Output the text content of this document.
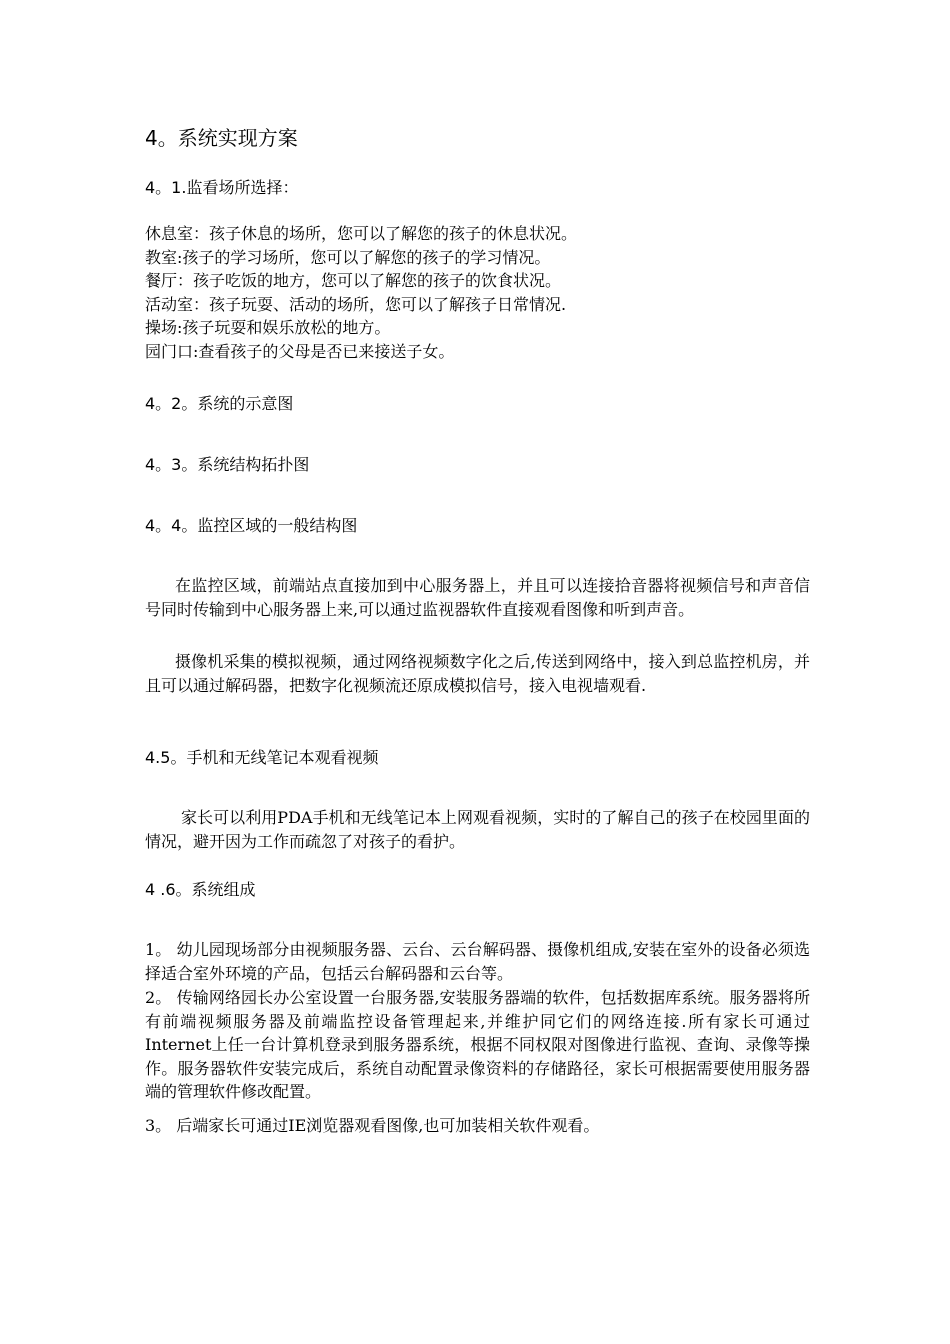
4。系统实现方案
4。1.监看场所选择：
休息室：孩子休息的场所，您可以了解您的孩子的休息状况。
教室:孩子的学习场所，您可以了解您的孩子的学习情况。
餐厅：孩子吃饭的地方，您可以了解您的孩子的饮食状况。
活动室：孩子玩耍、活动的场所，您可以了解孩子日常情况.
操场:孩子玩耍和娱乐放松的地方。
园门口:查看孩子的父母是否已来接送子女。
4。2。系统的示意图
4。3。系统结构拓扑图
4。4。监控区域的一般结构图
在监控区域，前端站点直接加到中心服务器上，并且可以连接拾音器将视频信号和声音信号同时传输到中心服务器上来,可以通过监视器软件直接观看图像和听到声音。
摄像机采集的模拟视频，通过网络视频数字化之后,传送到网络中，接入到总监控机房，并且可以通过解码器，把数字化视频流还原成模拟信号，接入电视墙观看.
4.5。手机和无线笔记本观看视频
家长可以利用PDA手机和无线笔记本上网观看视频，实时的了解自己的孩子在校园里面的情况，避开因为工作而疏忽了对孩子的看护。
4 .6。系统组成
1。 幼儿园现场部分由视频服务器、云台、云台解码器、摄像机组成,安装在室外的设备必须选择适合室外环境的产品，包括云台解码器和云台等。
2。 传输网络园长办公室设置一台服务器,安装服务器端的软件，包括数据库系统。服务器将所有前端视频服务器及前端监控设备管理起来,并维护同它们的网络连接.所有家长可通过Internet上任一台计算机登录到服务器系统，根据不同权限对图像进行监视、查询、录像等操作。服务器软件安装完成后，系统自动配置录像资料的存储路径，家长可根据需要使用服务器端的管理软件修改配置。
3。 后端家长可通过IE浏览器观看图像,也可加装相关软件观看。
